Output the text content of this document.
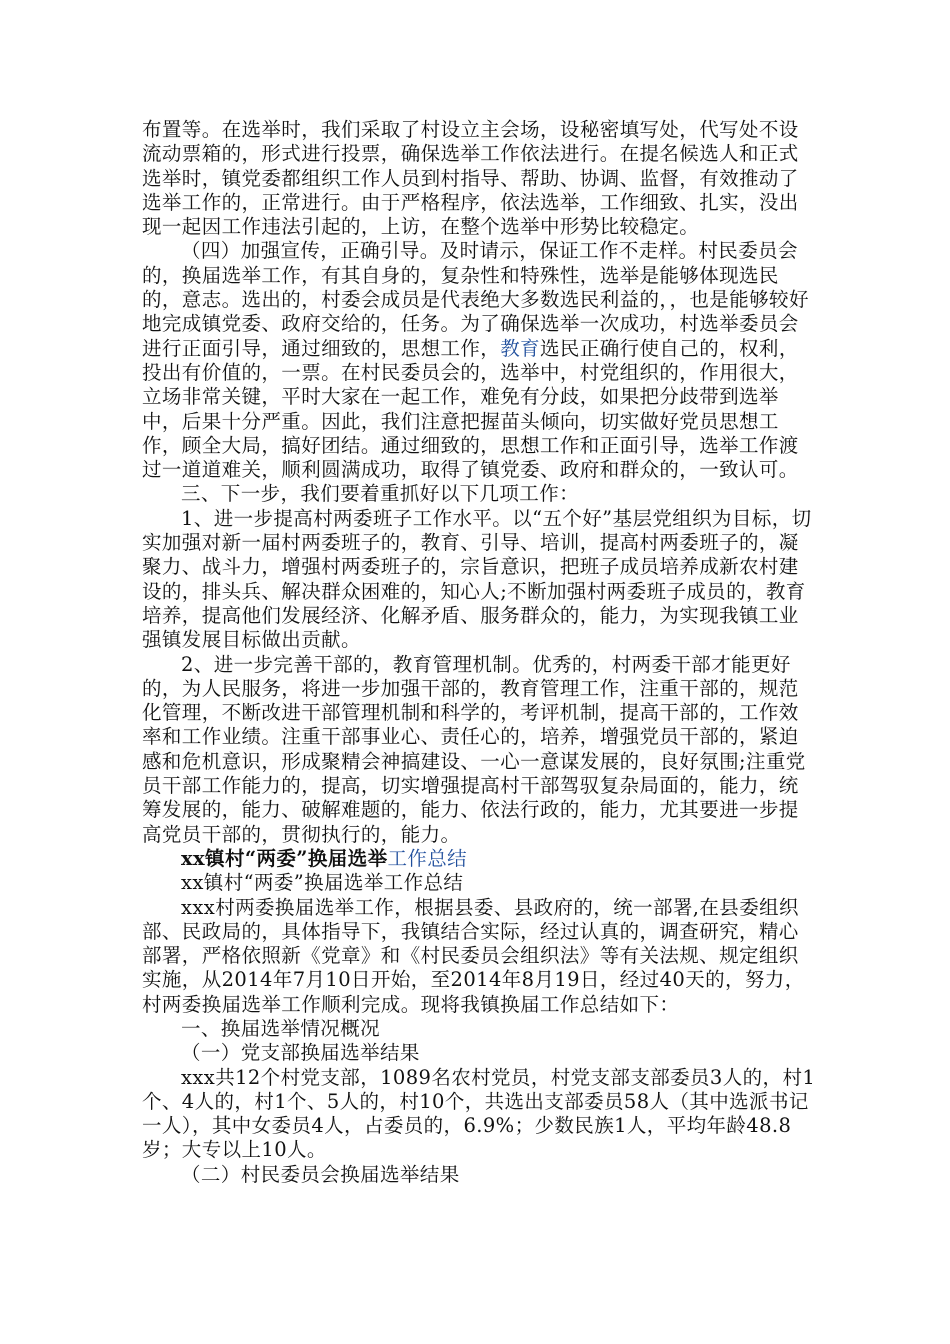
布置等。在选举时，我们采取了村设立主会场，设秘密填写处，代写处不设流动票箱的，形式进行投票，确保选举工作依法进行。在提名候选人和正式选举时，镇党委都组织工作人员到村指导、帮助、协调、监督，有效推动了选举工作的，正常进行。由于严格程序，依法选举，工作细致、扎实，没出现一起因工作违法引起的，上访，在整个选举中形势比较稳定。

（四）加强宣传，正确引导。及时请示，保证工作不走样。村民委员会的，换届选举工作，有其自身的，复杂性和特殊性，选举是能够体现选民的，意志。选出的，村委会成员是代表绝大多数选民利益的，，也是能够较好地完成镇党委、政府交给的，任务。为了确保选举一次成功，村选举委员会进行正面引导，通过细致的，思想工作，教育选民正确行使自己的，权利，投出有价值的，一票。在村民委员会的，选举中，村党组织的，作用很大，立场非常关键，平时大家在一起工作，难免有分歧，如果把分歧带到选举中，后果十分严重。因此，我们注意把握苗头倾向，切实做好党员思想工作，顾全大局，搞好团结。通过细致的，思想工作和正面引导，选举工作渡过一道道难关，顺利圆满成功，取得了镇党委、政府和群众的，一致认可。

三、下一步，我们要着重抓好以下几项工作：

1、进一步提高村两委班子工作水平。以“五个好”基层党组织为目标，切实加强对新一届村两委班子的，教育、引导、培训，提高村两委班子的，凝聚力、战斗力，增强村两委班子的，宗旨意识，把班子成员培养成新农村建设的，排头兵、解决群众困难的，知心人;不断加强村两委班子成员的，教育培养，提高他们发展经济、化解矛盾、服务群众的，能力，为实现我镇工业强镇发展目标做出贡献。

2、进一步完善干部的，教育管理机制。优秀的，村两委干部才能更好的，为人民服务，将进一步加强干部的，教育管理工作，注重干部的，规范化管理，不断改进干部管理机制和科学的，考评机制，提高干部的，工作效率和工作业绩。注重干部事业心、责任心的，培养，增强党员干部的，紧迫感和危机意识，形成聚精会神搞建设、一心一意谋发展的，良好氛围;注重党员干部工作能力的，提高，切实增强提高村干部驾驭复杂局面的，能力，统筹发展的，能力、破解难题的，能力、依法行政的，能力，尤其要进一步提高党员干部的，贯彻执行的，能力。

xx镇村“两委”换届选举工作总结

xx镇村“两委”换届选举工作总结

xxx村两委换届选举工作，根据县委、县政府的，统一部署,在县委组织部、民政局的，具体指导下，我镇结合实际，经过认真的，调查研究，精心部署，严格依照新《党章》和《村民委员会组织法》等有关法规、规定组织实施，从2014年7月10日开始，至2014年8月19日，经过40天的，努力，村两委换届选举工作顺利完成。现将我镇换届工作总结如下：

一、换届选举情况概况

（一）党支部换届选举结果

xxx共12个村党支部，1089名农村党员，村党支部支部委员3人的，村1个、4人的，村1个、5人的，村10个，共选出支部委员58人（其中选派书记一人），其中女委员4人，占委员的，6.9%；少数民族1人，平均年龄48.8岁；大专以上10人。

（二）村民委员会换届选举结果
